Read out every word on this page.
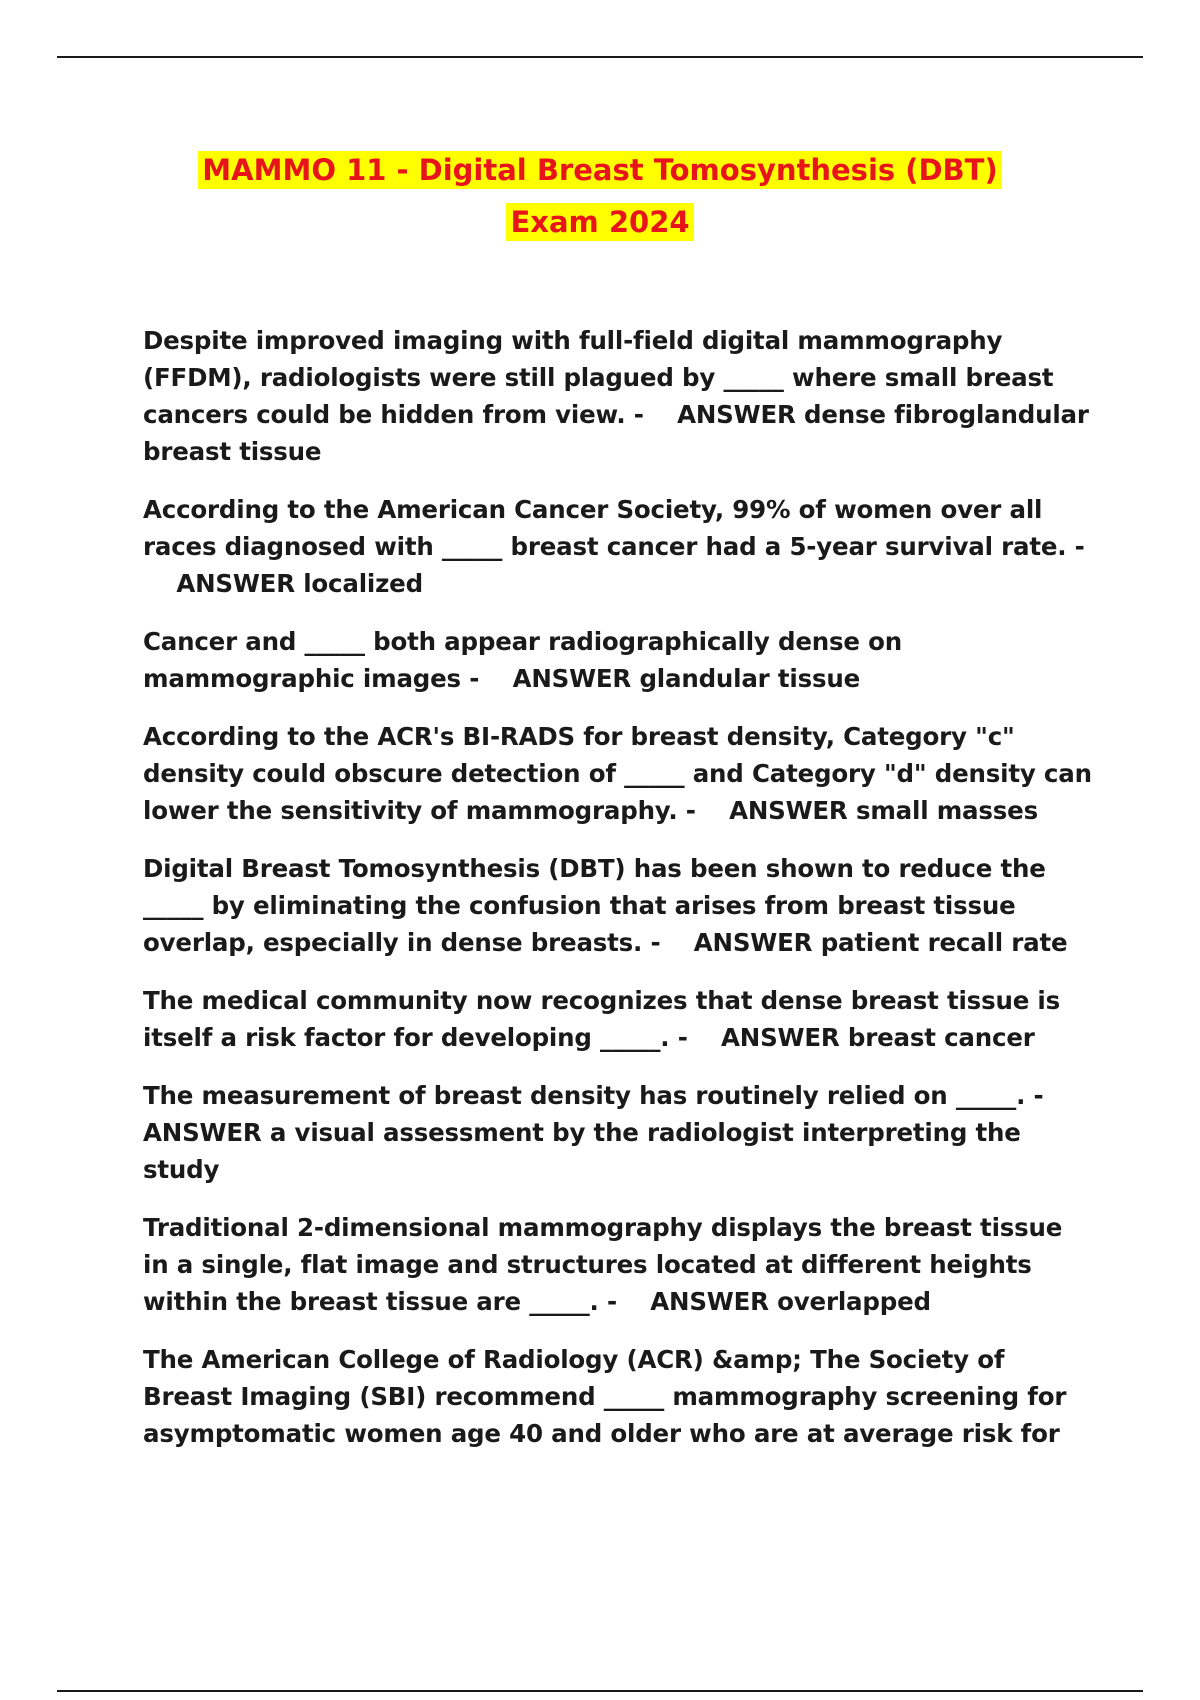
MAMMO 11 - Digital Breast Tomosynthesis (DBT)
Exam 2024

Despite improved imaging with full-field digital mammography (FFDM), radiologists were still plagued by _____ where small breast cancers could be hidden from view. - ANSWER dense fibroglandular breast tissue

According to the American Cancer Society, 99% of women over all races diagnosed with _____ breast cancer had a 5-year survival rate. -    ANSWER localized

Cancer and _____ both appear radiographically dense on mammographic images - ANSWER glandular tissue

According to the ACR's BI-RADS for breast density, Category "c" density could obscure detection of _____ and Category "d" density can lower the sensitivity of mammography. - ANSWER small masses

Digital Breast Tomosynthesis (DBT) has been shown to reduce the _____ by eliminating the confusion that arises from breast tissue overlap, especially in dense breasts. - ANSWER patient recall rate

The medical community now recognizes that dense breast tissue is itself a risk factor for developing _____. - ANSWER breast cancer

The measurement of breast density has routinely relied on _____. - ANSWER a visual assessment by the radiologist interpreting the study

Traditional 2-dimensional mammography displays the breast tissue in a single, flat image and structures located at different heights within the breast tissue are _____. - ANSWER overlapped

The American College of Radiology (ACR) &amp; The Society of Breast Imaging (SBI) recommend _____ mammography screening for asymptomatic women age 40 and older who are at average risk for
